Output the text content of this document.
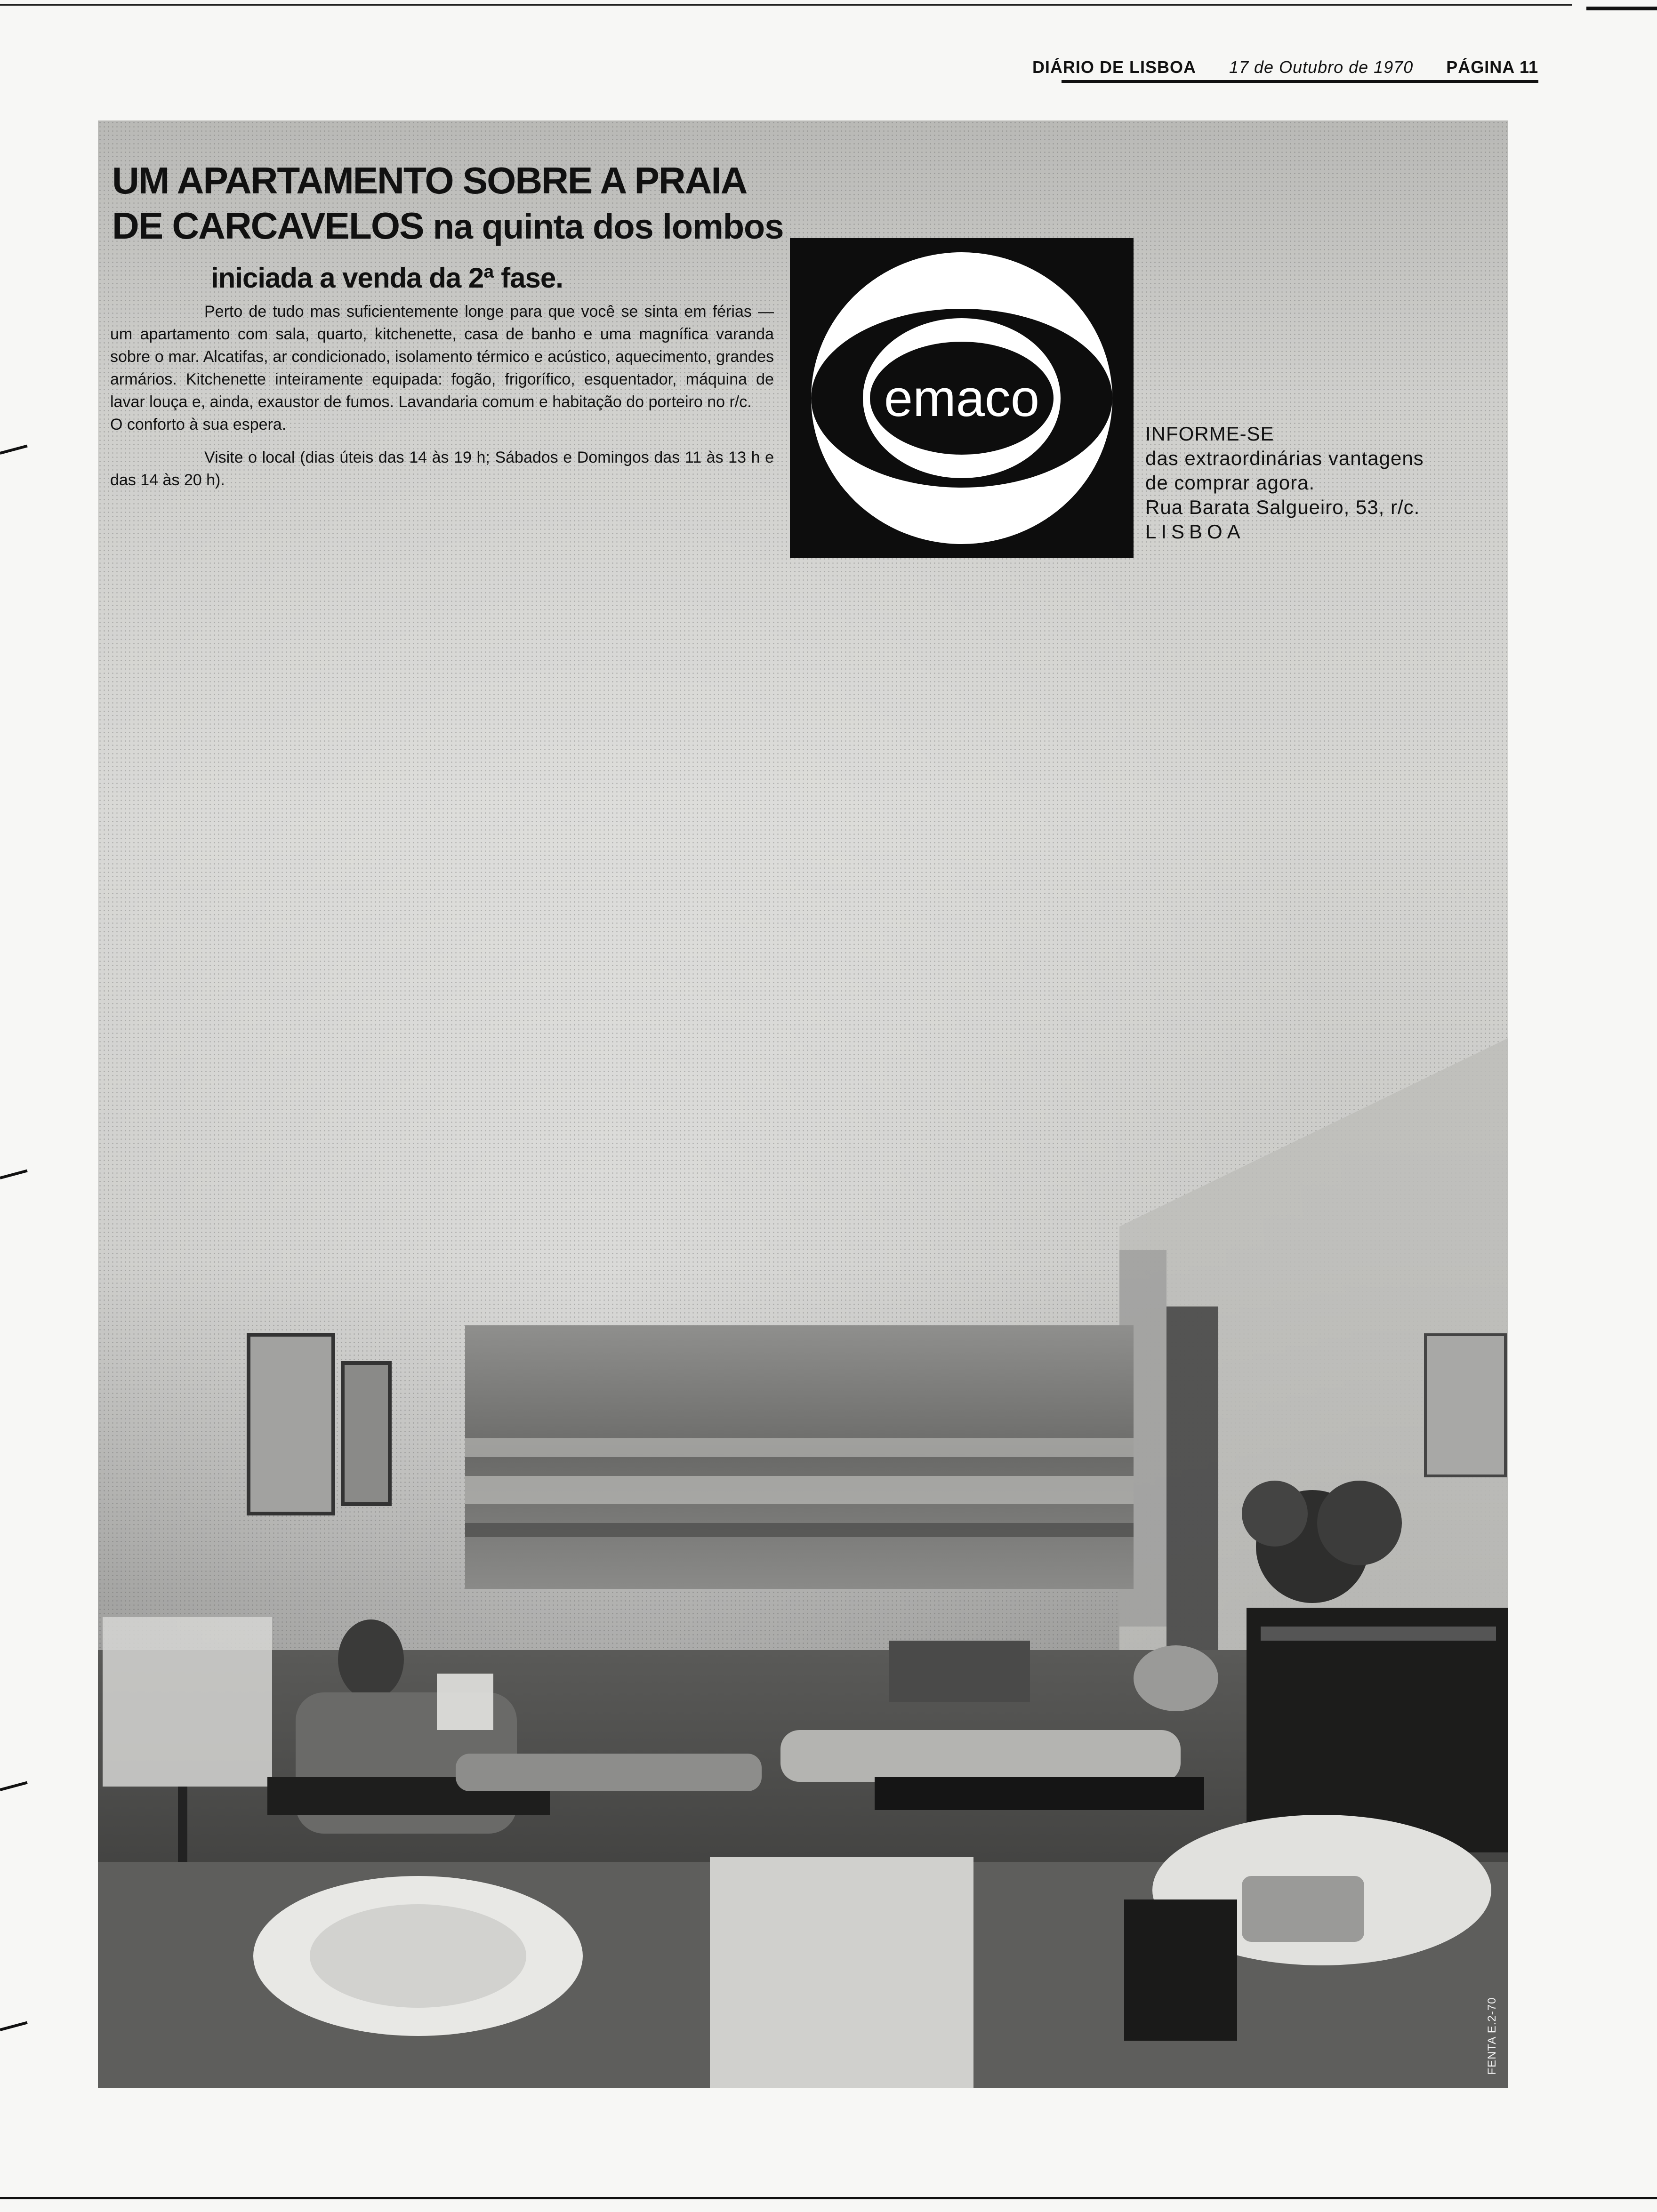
DIÁRIO DE LISBOA 17 de Outubro de 1970 PÁGINA 11
UM APARTAMENTO SOBRE A PRAIA
DE CARCAVELOS na quinta dos lombos
iniciada a venda da 2ª fase.

Perto de tudo mas suficientemente longe para que você se sinta em férias — um apartamento com sala, quarto, kitchenette, casa de banho e uma magnífica varanda sobre o mar. Alcatifas, ar condicionado, isolamento térmico e acústico, aquecimento, grandes armários. Kitchenette inteiramente equipada: fogão, frigorífico, esquentador, máquina de lavar louça e, ainda, exaustor de fumos. Lavandaria comum e habitação do porteiro no r/c.

O conforto à sua espera.

Visite o local (dias úteis das 14 às 19 h; Sábados e Domingos das 11 às 13 h e das 14 às 20 h).

emaco
INFORME-SE
das extraordinárias vantagens
de comprar agora.
Rua Barata Salgueiro, 53, r/c.
LISBOA
FENTA E.2-70
